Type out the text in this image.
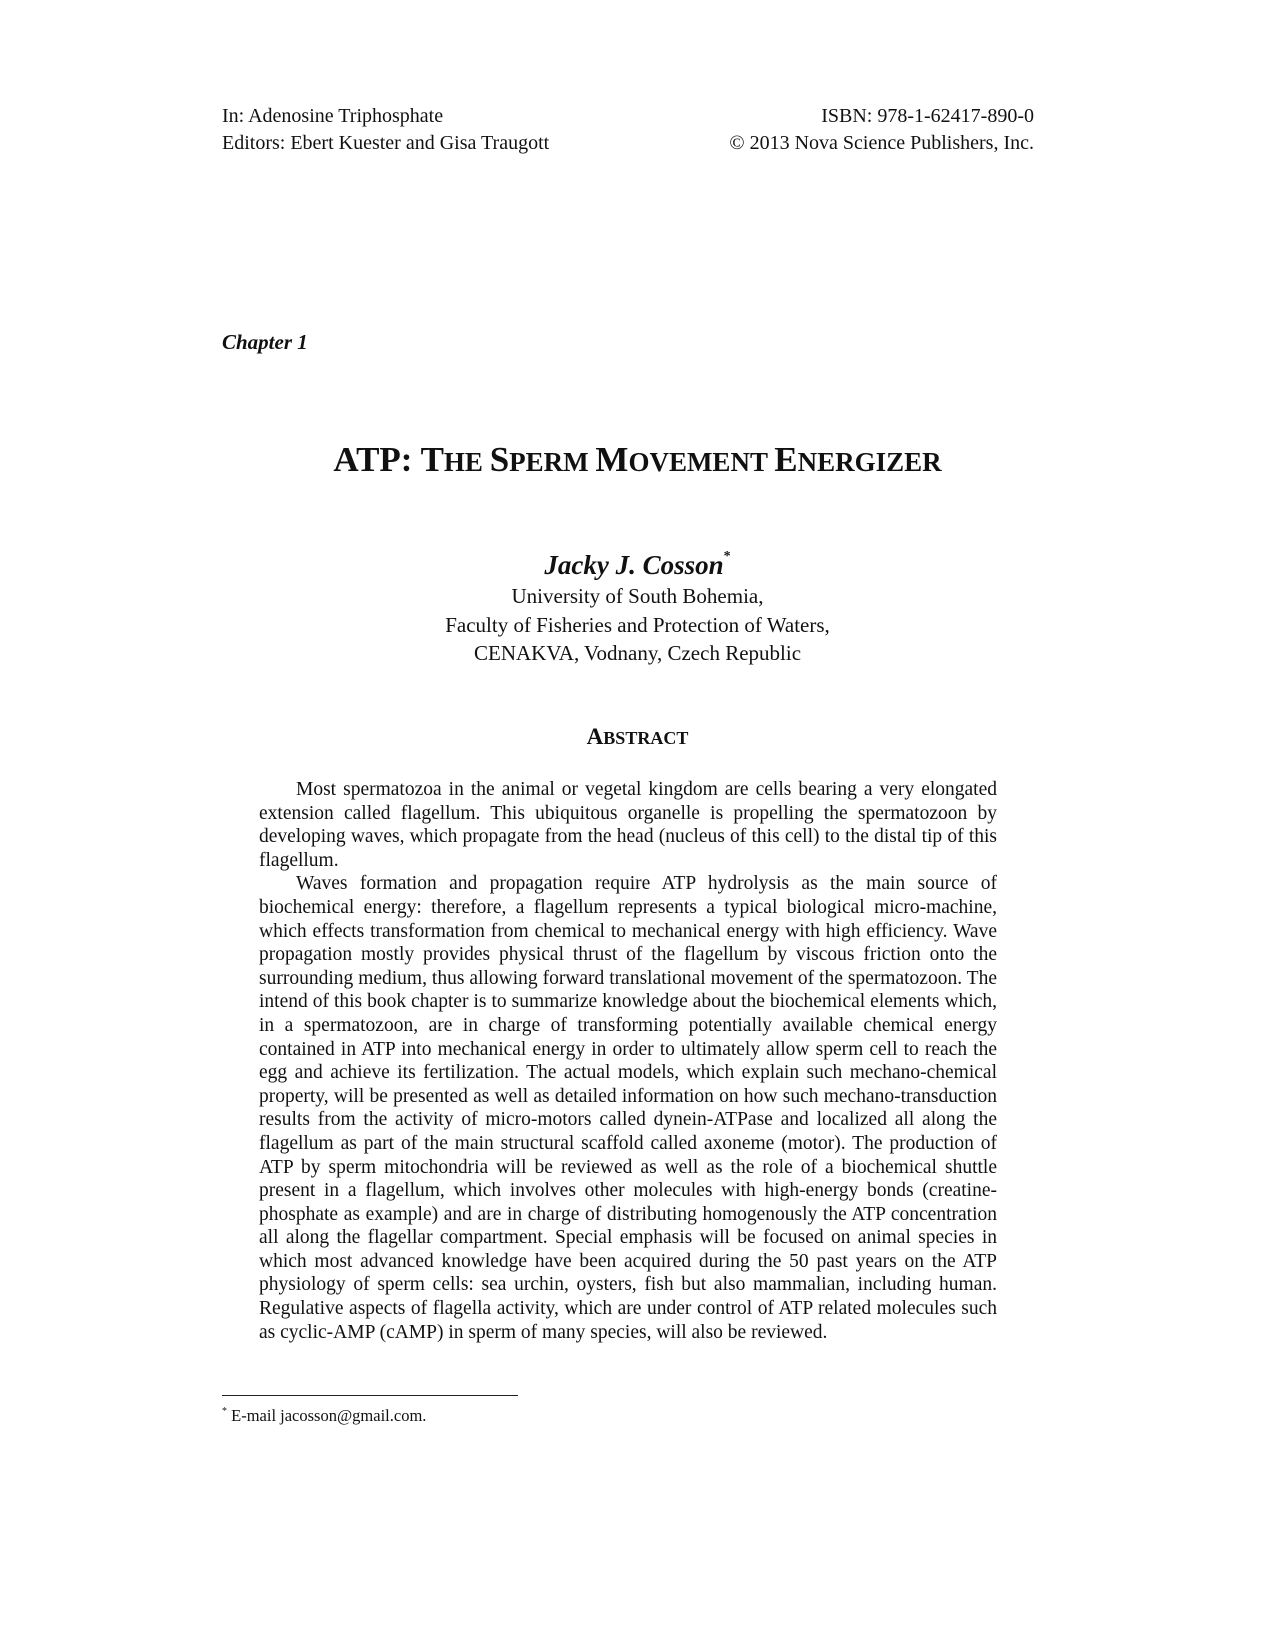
In: Adenosine Triphosphate	ISBN: 978-1-62417-890-0
Editors: Ebert Kuester and Gisa Traugott	© 2013 Nova Science Publishers, Inc.
Chapter 1
ATP: THE SPERM MOVEMENT ENERGIZER
Jacky J. Cosson*
University of South Bohemia,
Faculty of Fisheries and Protection of Waters,
CENAKVA, Vodnany, Czech Republic
ABSTRACT

Most spermatozoa in the animal or vegetal kingdom are cells bearing a very elongated extension called flagellum. This ubiquitous organelle is propelling the spermatozoon by developing waves, which propagate from the head (nucleus of this cell) to the distal tip of this flagellum.

Waves formation and propagation require ATP hydrolysis as the main source of biochemical energy: therefore, a flagellum represents a typical biological micro-machine, which effects transformation from chemical to mechanical energy with high efficiency. Wave propagation mostly provides physical thrust of the flagellum by viscous friction onto the surrounding medium, thus allowing forward translational movement of the spermatozoon. The intend of this book chapter is to summarize knowledge about the biochemical elements which, in a spermatozoon, are in charge of transforming potentially available chemical energy contained in ATP into mechanical energy in order to ultimately allow sperm cell to reach the egg and achieve its fertilization. The actual models, which explain such mechano-chemical property, will be presented as well as detailed information on how such mechano-transduction results from the activity of micro-motors called dynein-ATPase and localized all along the flagellum as part of the main structural scaffold called axoneme (motor). The production of ATP by sperm mitochondria will be reviewed as well as the role of a biochemical shuttle present in a flagellum, which involves other molecules with high-energy bonds (creatine-phosphate as example) and are in charge of distributing homogenously the ATP concentration all along the flagellar compartment. Special emphasis will be focused on animal species in which most advanced knowledge have been acquired during the 50 past years on the ATP physiology of sperm cells: sea urchin, oysters, fish but also mammalian, including human. Regulative aspects of flagella activity, which are under control of ATP related molecules such as cyclic-AMP (cAMP) in sperm of many species, will also be reviewed.

* E-mail jacosson@gmail.com.
